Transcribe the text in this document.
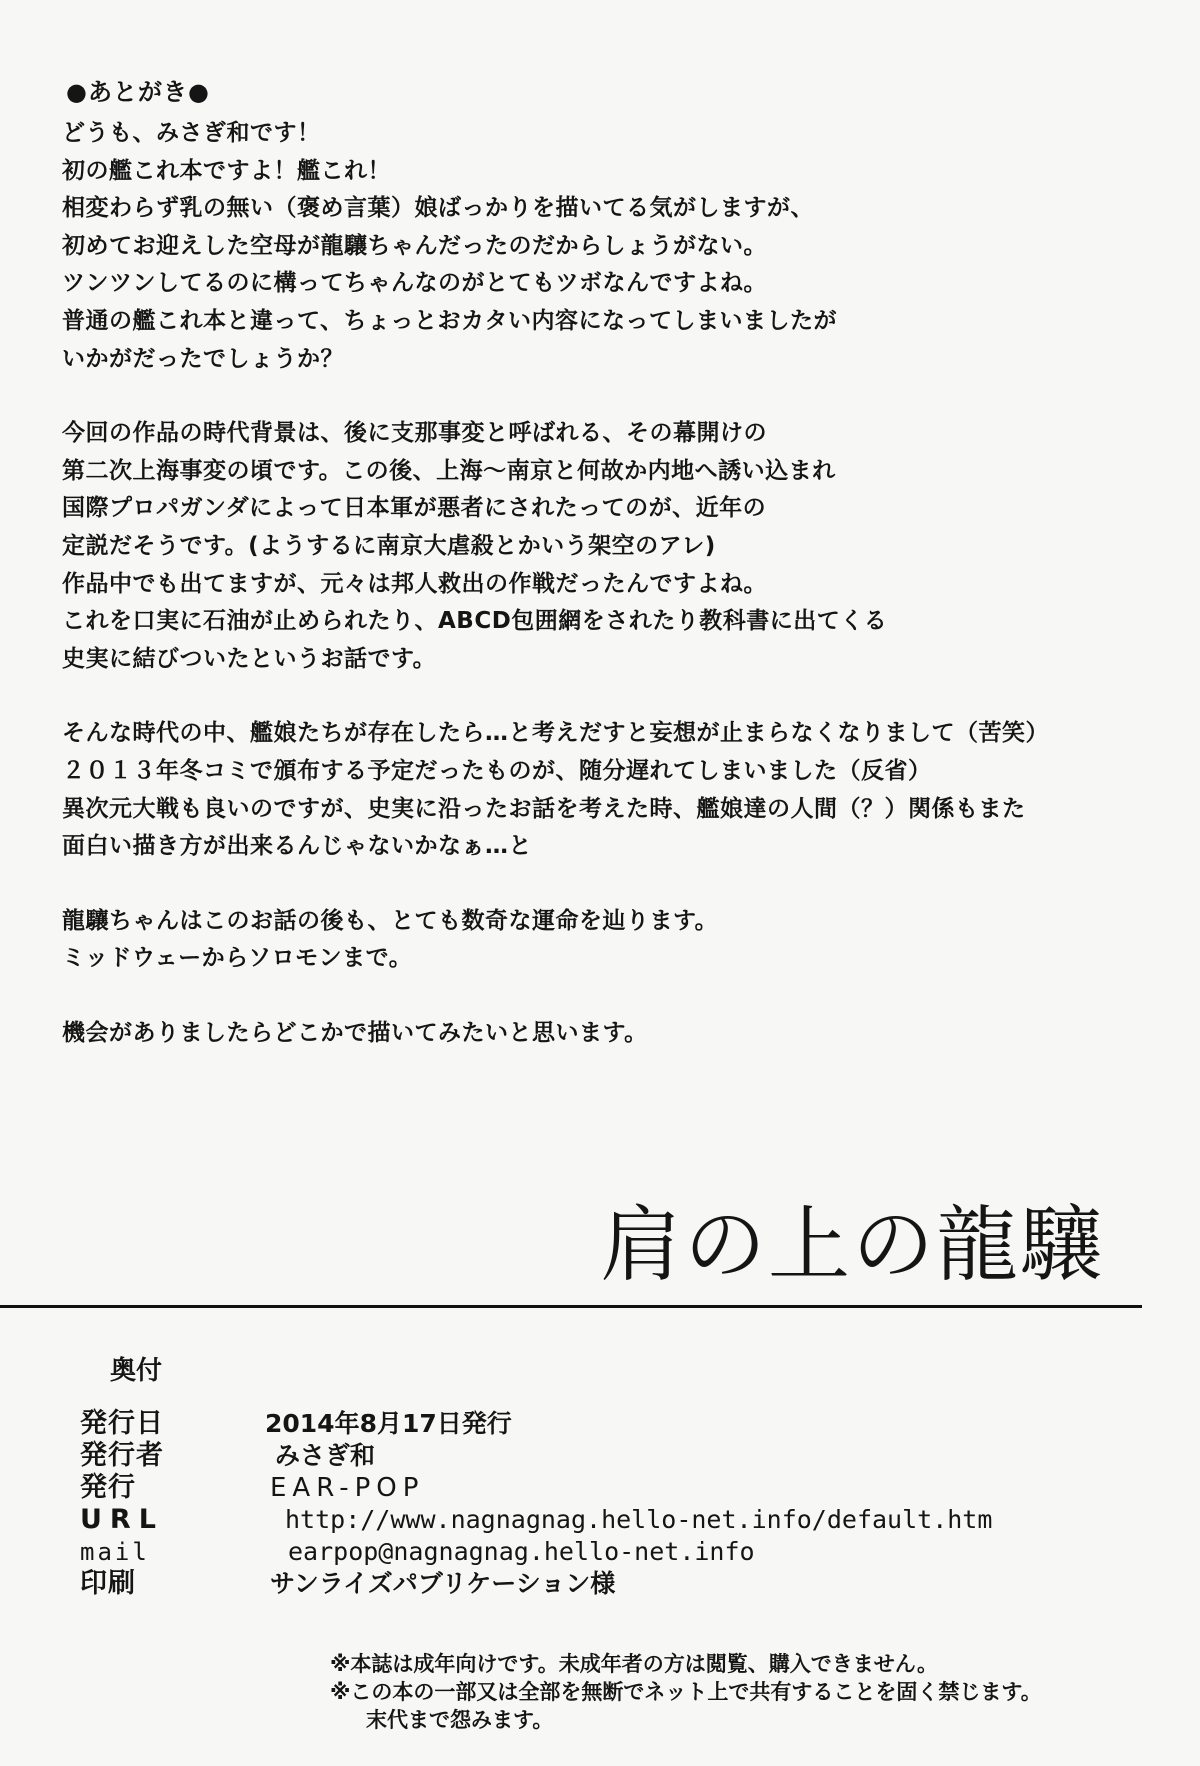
●あとがき●
どうも、みさぎ和です！
初の艦これ本ですよ！艦これ！
相変わらず乳の無い（褒め言葉）娘ばっかりを描いてる気がしますが、
初めてお迎えした空母が龍驤ちゃんだったのだからしょうがない。
ツンツンしてるのに構ってちゃんなのがとてもツボなんですよね。
普通の艦これ本と違って、ちょっとおカタい内容になってしまいましたが
いかがだったでしょうか？
今回の作品の時代背景は、後に支那事変と呼ばれる、その幕開けの
第二次上海事変の頃です。この後、上海～南京と何故か内地へ誘い込まれ
国際プロパガンダによって日本軍が悪者にされたってのが、近年の
定説だそうです。(ようするに南京大虐殺とかいう架空のアレ)
作品中でも出てますが、元々は邦人救出の作戦だったんですよね。
これを口実に石油が止められたり、ABCD包囲網をされたり教科書に出てくる
史実に結びついたというお話です。
そんな時代の中、艦娘たちが存在したら…と考えだすと妄想が止まらなくなりまして（苦笑）
２０１３年冬コミで頒布する予定だったものが、随分遅れてしまいました（反省）
異次元大戦も良いのですが、史実に沿ったお話を考えた時、艦娘達の人間（？）関係もまた
面白い描き方が出来るんじゃないかなぁ…と
龍驤ちゃんはこのお話の後も、とても数奇な運命を辿ります。
ミッドウェーからソロモンまで。
機会がありましたらどこかで描いてみたいと思います。
肩の上の龍驤
奥付
発行日	2014年8月17日発行
発行者	みさぎ和
発行	EAR-POP
URL	http://www.nagnagnag.hello-net.info/default.htm
mail	earpop@nagnagnag.hello-net.info
印刷	サンライズパブリケーション様
※本誌は成年向けです。未成年者の方は閲覧、購入できません。
※この本の一部又は全部を無断でネット上で共有することを固く禁じます。
末代まで怨みます。
